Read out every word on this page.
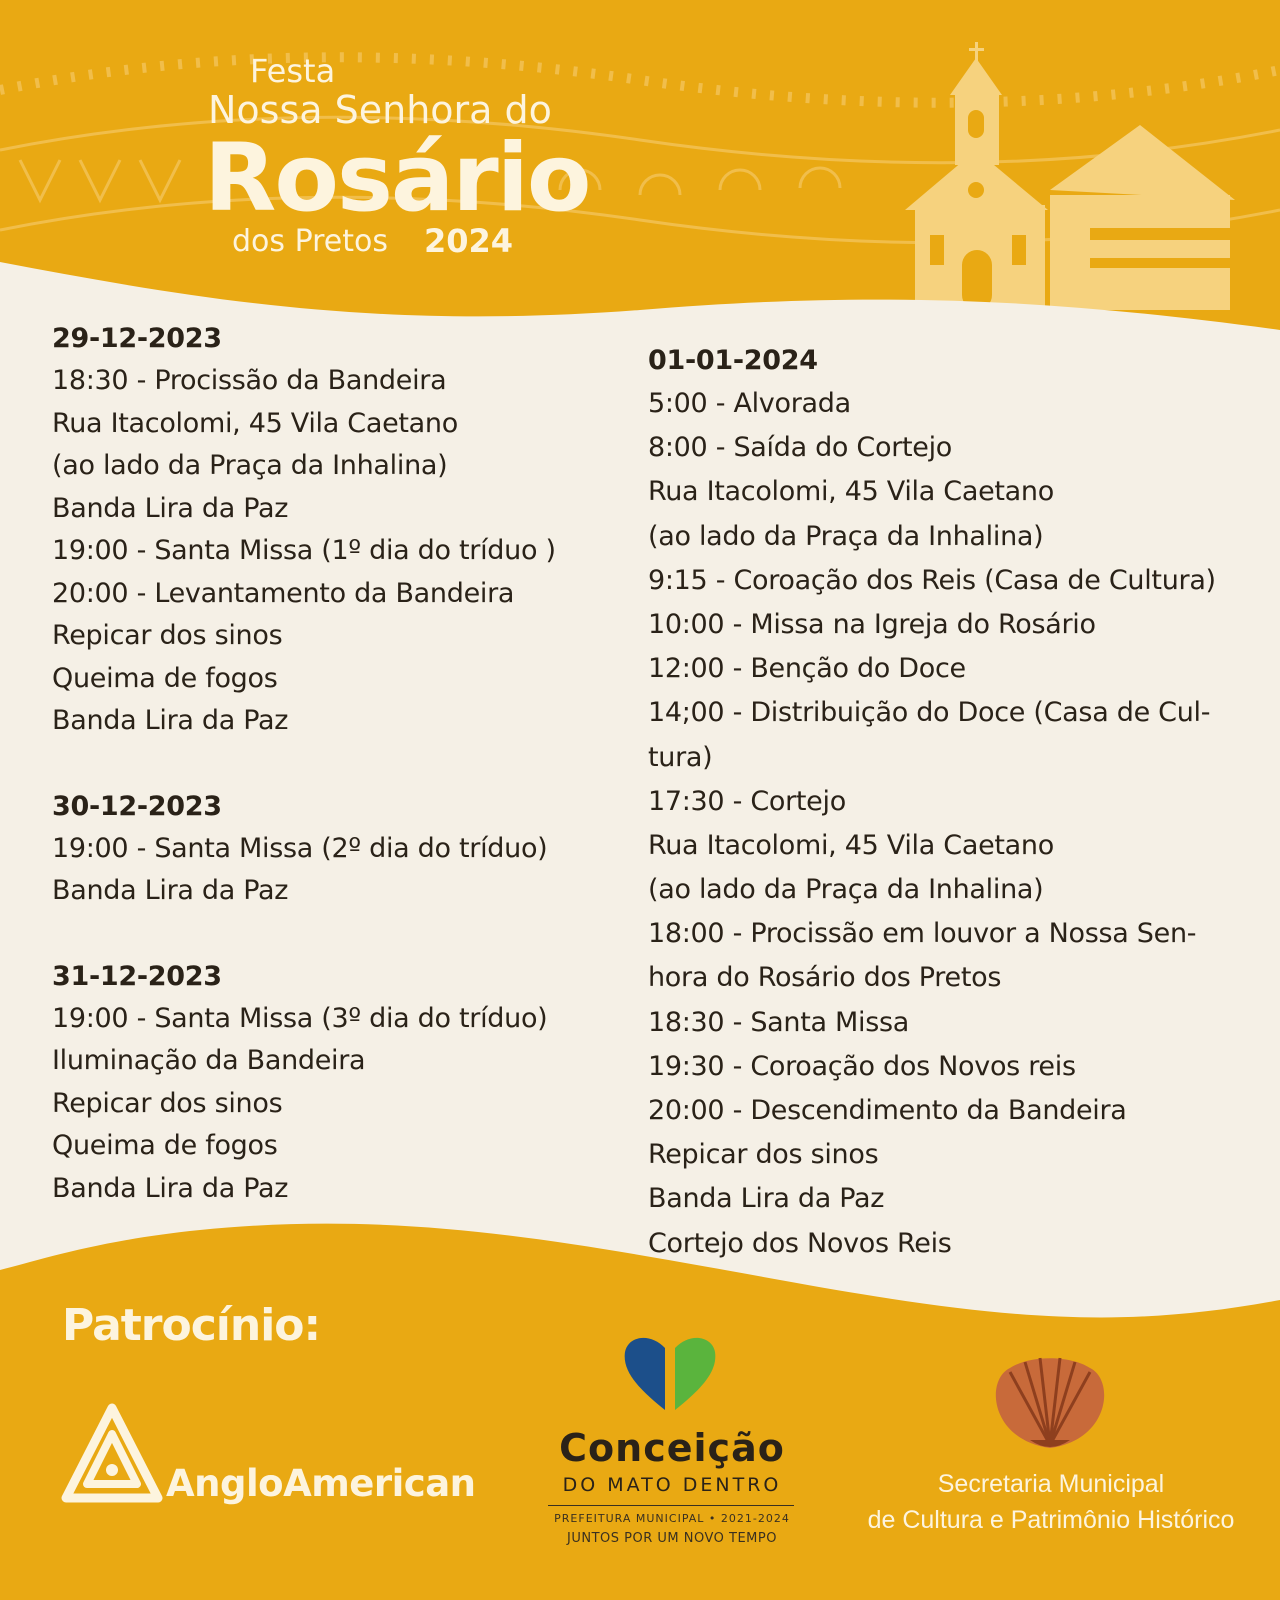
Festa
Nossa Senhora do
Rosário
dos Pretos 2024
29-12-2023
18:30 - Procissão da Bandeira
Rua Itacolomi, 45 Vila Caetano
(ao lado da Praça da Inhalina)
Banda Lira da Paz
19:00 - Santa Missa (1º dia do tríduo )
20:00 - Levantamento da Bandeira
Repicar dos sinos
Queima de fogos
Banda Lira da Paz
30-12-2023
19:00 - Santa Missa (2º dia do tríduo)
Banda Lira da Paz
31-12-2023
19:00 - Santa Missa (3º dia do tríduo)
Iluminação da Bandeira
Repicar dos sinos
Queima de fogos
Banda Lira da Paz
01-01-2024
5:00 - Alvorada
8:00 - Saída do Cortejo
Rua Itacolomi, 45 Vila Caetano
(ao lado da Praça da Inhalina)
9:15 - Coroação dos Reis (Casa de Cultura)
10:00 - Missa na Igreja do Rosário
12:00 - Benção do Doce
14;00 - Distribuição do Doce (Casa de Cul-
tura)
17:30 - Cortejo
Rua Itacolomi, 45 Vila Caetano
(ao lado da Praça da Inhalina)
18:00 - Procissão em louvor a Nossa Sen-
hora do Rosário dos Pretos
18:30 - Santa Missa
19:30 - Coroação dos Novos reis
20:00 - Descendimento da Bandeira
Repicar dos sinos
Banda Lira da Paz
Cortejo dos Novos Reis
Patrocínio:
AngloAmerican
Conceição
DO MATO DENTRO
PREFEITURA MUNICIPAL • 2021-2024
JUNTOS POR UM NOVO TEMPO
Secretaria Municipal
de Cultura e Patrimônio Histórico
